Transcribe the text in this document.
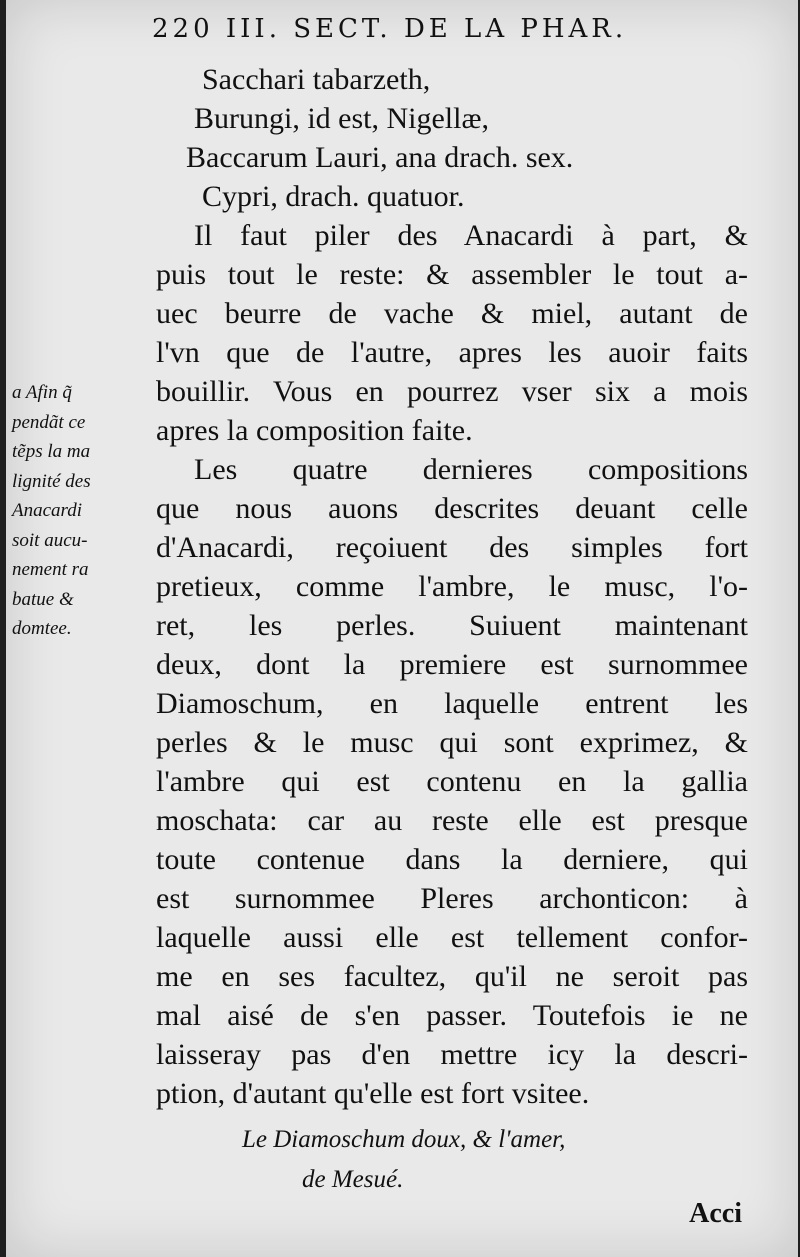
220 III. SECT. DE LA PHAR.
a Afin q̃
pendãt ce
tẽps la ma
lignité des
Anacardi
soit aucu-
nement ra
batue &
domtee.
Sacchari tabarzeth,
Burungi, id est, Nigellæ,
Baccarum Lauri, ana drach. sex.
Cypri, drach. quatuor.
Il faut piler des Anacardi à part, &
puis tout le reste: & assembler le tout a-
uec beurre de vache & miel, autant de
l'vn que de l'autre, apres les auoir faits
bouillir. Vous en pourrez vser six a mois
apres la composition faite.
Les quatre dernieres compositions
que nous auons descrites deuant celle
d'Anacardi, reçoiuent des simples fort
pretieux, comme l'ambre, le musc, l'o-
ret, les perles. Suiuent maintenant
deux, dont la premiere est surnommee
Diamoschum, en laquelle entrent les
perles & le musc qui sont exprimez, &
l'ambre qui est contenu en la gallia
moschata: car au reste elle est presque
toute contenue dans la derniere, qui
est surnommee Pleres archonticon: à
laquelle aussi elle est tellement confor-
me en ses facultez, qu'il ne seroit pas
mal aisé de s'en passer. Toutefois ie ne
laisseray pas d'en mettre icy la descri-
ption, d'autant qu'elle est fort vsitee.
Le Diamoschum doux, & l'amer,
de Mesué.
Acci
